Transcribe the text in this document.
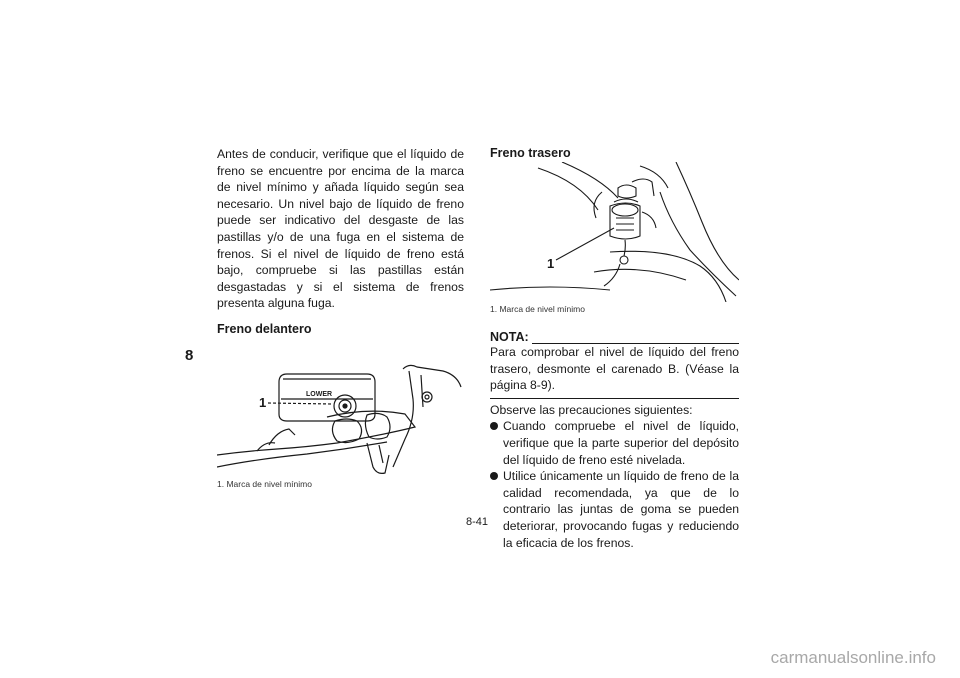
8

Antes de conducir, verifique que el líquido de freno se encuentre por encima de la marca de nivel mínimo y añada líquido según sea necesario. Un nivel bajo de líquido de freno puede ser indicativo del desgaste de las pastillas y/o de una fuga en el sistema de frenos. Si el nivel de líquido de freno está bajo, compruebe si las pastillas están desgastadas y si el sistema de frenos presenta alguna fuga.

Freno delantero

1
LOWER
1. Marca de nivel mínimo

Freno trasero

1
1. Marca de nivel mínimo
NOTA:

Para comprobar el nivel de líquido del freno trasero, desmonte el carenado B. (Véase la página 8-9).

Observe las precauciones siguientes:

Cuando compruebe el nivel de líquido, verifique que la parte superior del depósito del líquido de freno esté nivelada.
Utilice únicamente un líquido de freno de la calidad recomendada, ya que de lo contrario las juntas de goma se pueden deteriorar, provocando fugas y reduciendo la eficacia de los frenos.
8-41
carmanualsonline.info
